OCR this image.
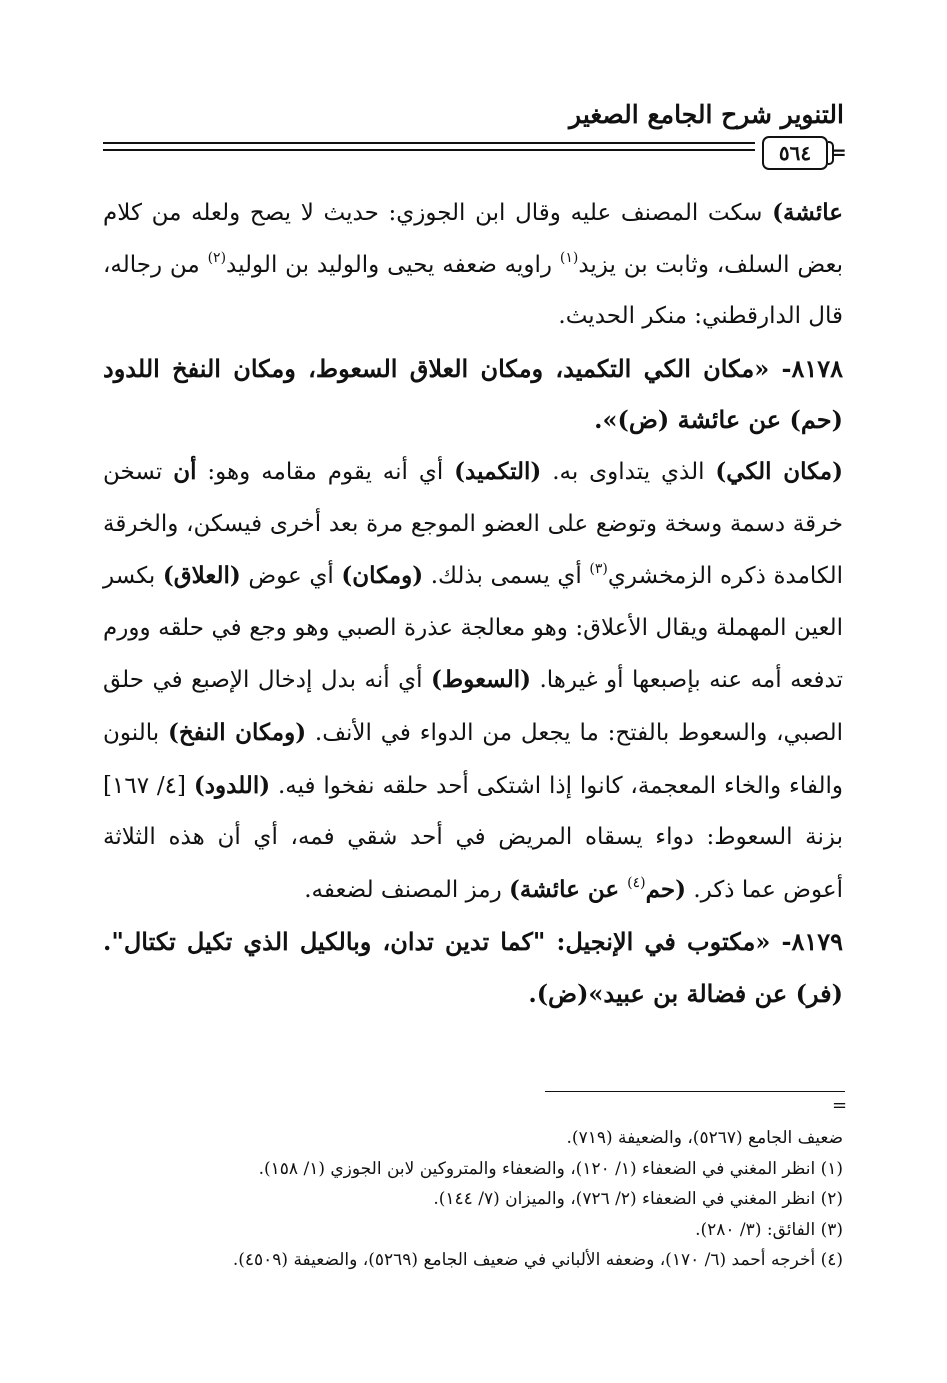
التنوير شرح الجامع الصغير
٥٦٤ =

عائشة) سكت المصنف عليه وقال ابن الجوزي: حديث لا يصح ولعله من كلام بعض السلف، وثابت بن يزيد$^{(١)}$ راويه ضعفه يحيى والوليد بن الوليد$^{(٢)}$ من رجاله، قال الدارقطني: منكر الحديث.

٨١٧٨- «مكان الكي التكميد، ومكان العلاق السعوط، ومكان النفخ اللدود (حم) عن عائشة (ض)».

(مكان الكي) الذي يتداوى به. (التكميد) أي أنه يقوم مقامه وهو: أن تسخن خرقة دسمة وسخة وتوضع على العضو الموجع مرة بعد أخرى فيسكن، والخرقة الكامدة ذكره الزمخشري$^{(٣)}$ أي يسمى بذلك. (ومكان) أي عوض (العلاق) بكسر العين المهملة ويقال الأعلاق: وهو معالجة عذرة الصبي وهو وجع في حلقه وورم تدفعه أمه عنه بإصبعها أو غيرها. (السعوط) أي أنه بدل إدخال الإصبع في حلق الصبي، والسعوط بالفتح: ما يجعل من الدواء في الأنف. (ومكان النفخ) بالنون والفاء والخاء المعجمة، كانوا إذا اشتكى أحد حلقه نفخوا فيه. (اللدود) [٤/ ١٦٧] بزنة السعوط: دواء يسقاه المريض في أحد شقي فمه، أي أن هذه الثلاثة أعوض عما ذكر. (حم$^{(٤)}$ عن عائشة) رمز المصنف لضعفه.

٨١٧٩- «مكتوب في الإنجيل: "كما تدين تدان، وبالكيل الذي تكيل تكتال". (فر) عن فضالة بن عبيد»(ض).

=
ضعيف الجامع (٥٢٦٧)، والضعيفة (٧١٩).
(١) انظر المغني في الضعفاء (١/ ١٢٠)، والضعفاء والمتروكين لابن الجوزي (١/ ١٥٨).
(٢) انظر المغني في الضعفاء (٢/ ٧٢٦)، والميزان (٧/ ١٤٤).
(٣) الفائق: (٣/ ٢٨٠).
(٤) أخرجه أحمد (٦/ ١٧٠)، وضعفه الألباني في ضعيف الجامع (٥٢٦٩)، والضعيفة (٤٥٠٩).
